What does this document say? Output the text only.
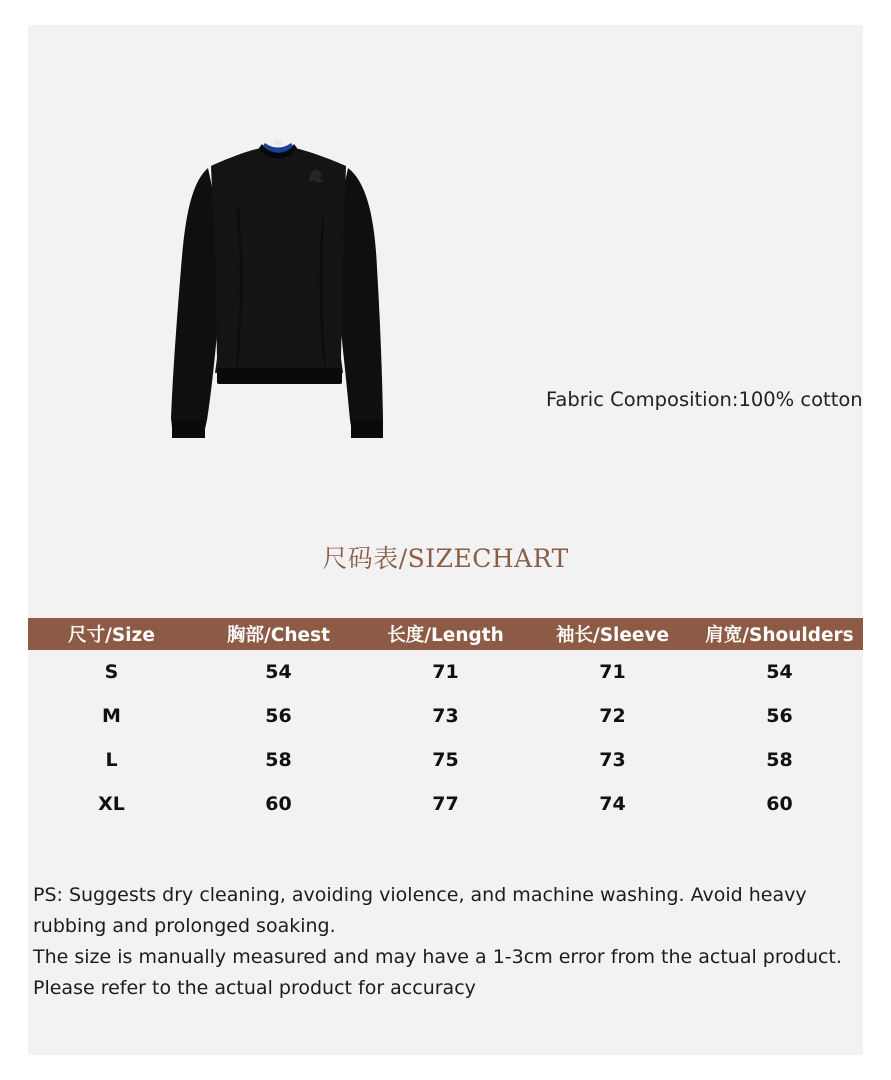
Fabric Composition:100% cotton
尺码表/SIZECHART
尺寸/Size	胸部/Chest	长度/Length	袖长/Sleeve	肩宽/Shoulders
S	54	71	71	54
M	56	73	72	56
L	58	75	73	58
XL	60	77	74	60

PS: Suggests dry cleaning, avoiding violence, and machine washing. Avoid heavy rubbing and prolonged soaking.

The size is manually measured and may have a 1-3cm error from the actual product. Please refer to the actual product for accuracy
